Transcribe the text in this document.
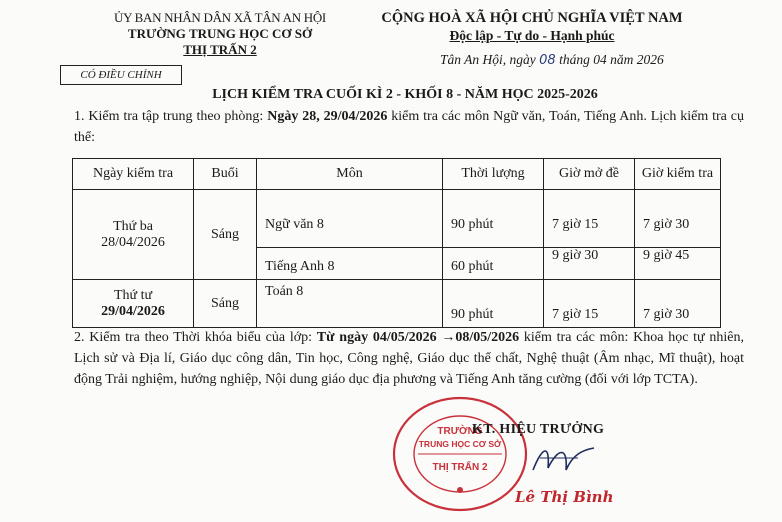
ỦY BAN NHÂN DÂN XÃ TÂN AN HỘI
TRƯỜNG TRUNG HỌC CƠ SỞ
THỊ TRẤN 2
CỘNG HOÀ XÃ HỘI CHỦ NGHĨA VIỆT NAM
Độc lập - Tự do - Hạnh phúc
Tân An Hội, ngày 08 tháng 04 năm 2026
CÓ ĐIỀU CHỈNH
LỊCH KIỂM TRA CUỐI KÌ 2 - KHỐI 8 - NĂM HỌC 2025-2026
1. Kiểm tra tập trung theo phòng: Ngày 28, 29/04/2026 kiểm tra các môn Ngữ văn, Toán, Tiếng Anh. Lịch kiểm tra cụ thể:
Ngày kiểm tra	Buổi	Môn	Thời lượng	Giờ mở đề	Giờ kiểm tra

Thứ ba
28/04/2026	Sáng	Ngữ văn 8	90 phút	7 giờ 15	7 giờ 30
		Tiếng Anh 8	60 phút	9 giờ 30	9 giờ 45

Thứ tư
29/04/2026	Sáng	Toán 8	90 phút	7 giờ 15	7 giờ 30
2. Kiểm tra theo Thời khóa biểu của lớp: Từ ngày 04/05/2026 →08/05/2026 kiểm tra các môn: Khoa học tự nhiên, Lịch sử và Địa lí, Giáo dục công dân, Tin học, Công nghệ, Giáo dục thể chất, Nghệ thuật (Âm nhạc, Mĩ thuật), hoạt động Trải nghiệm, hướng nghiệp, Nội dung giáo dục địa phương và Tiếng Anh tăng cường (đối với lớp TCTA).
TRƯỜNG
TRUNG HỌC CƠ SỞ
THỊ TRẤN 2
KT. HIỆU TRƯỞNG
Lê Thị Bình
